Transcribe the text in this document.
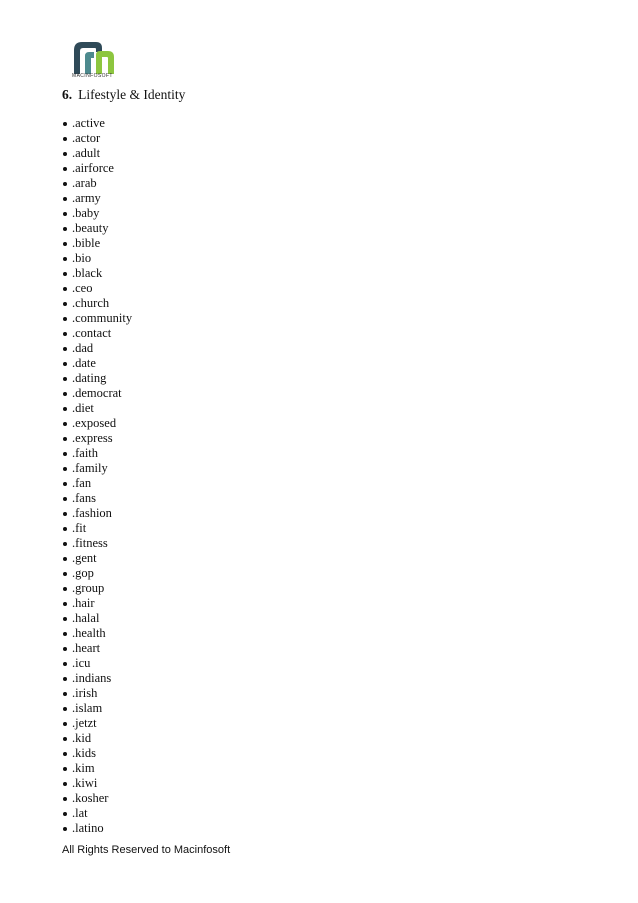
MACINFOSOFT
6. Lifestyle & Identity
.active
.actor
.adult
.airforce
.arab
.army
.baby
.beauty
.bible
.bio
.black
.ceo
.church
.community
.contact
.dad
.date
.dating
.democrat
.diet
.exposed
.express
.faith
.family
.fan
.fans
.fashion
.fit
.fitness
.gent
.gop
.group
.hair
.halal
.health
.heart
.icu
.indians
.irish
.islam
.jetzt
.kid
.kids
.kim
.kiwi
.kosher
.lat
.latino
All Rights Reserved to Macinfosoft
